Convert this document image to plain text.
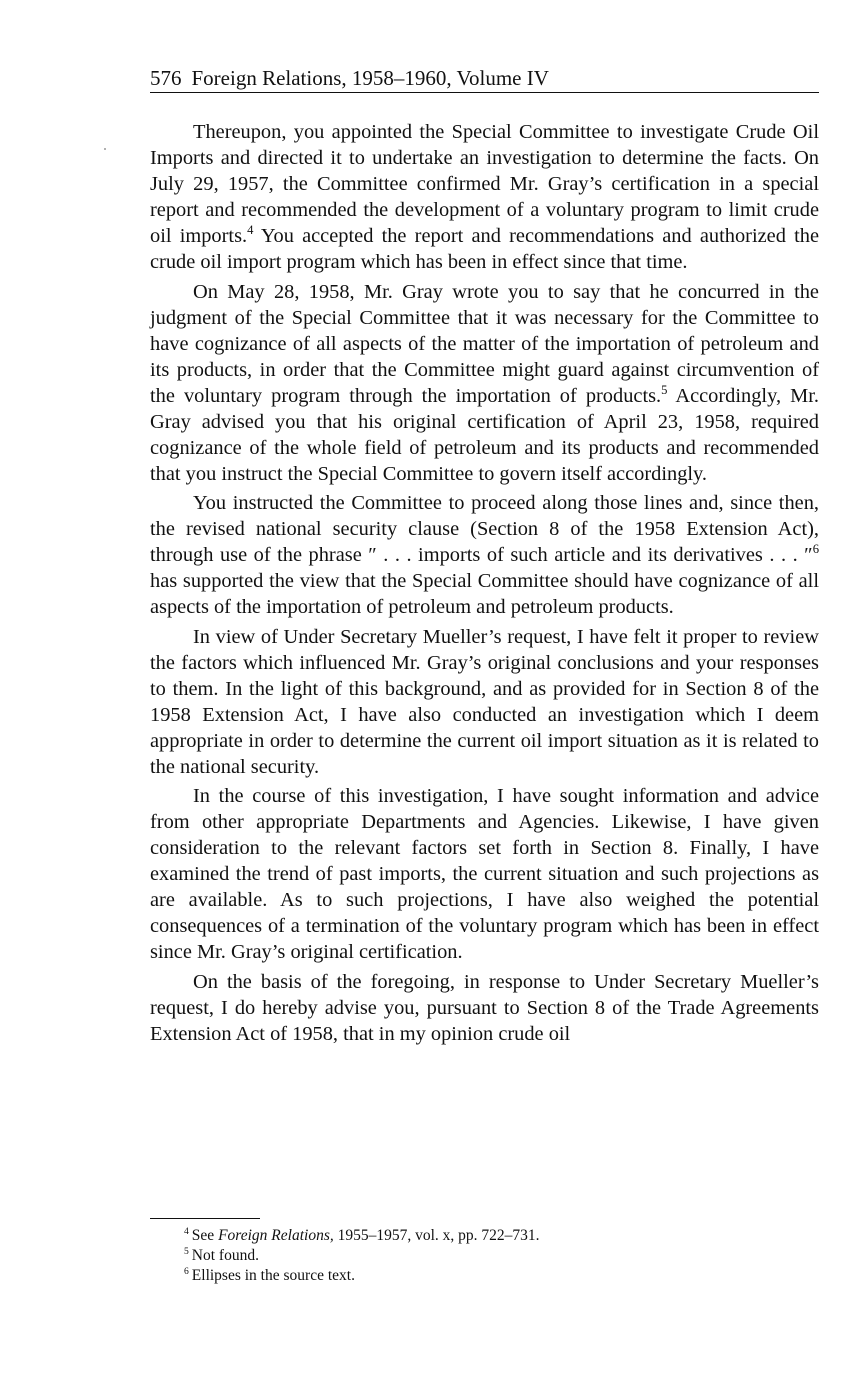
576 Foreign Relations, 1958–1960, Volume IV

Thereupon, you appointed the Special Committee to investigate Crude Oil Imports and directed it to undertake an investigation to determine the facts. On July 29, 1957, the Committee confirmed Mr. Gray’s certification in a special report and recommended the development of a voluntary program to limit crude oil imports.$^4$ You accepted the report and recommendations and authorized the crude oil import program which has been in effect since that time.

On May 28, 1958, Mr. Gray wrote you to say that he concurred in the judgment of the Special Committee that it was necessary for the Committee to have cognizance of all aspects of the matter of the importation of petroleum and its products, in order that the Committee might guard against circumvention of the voluntary program through the importation of products.$^5$ Accordingly, Mr. Gray advised you that his original certification of April 23, 1958, required cognizance of the whole field of petroleum and its products and recommended that you instruct the Special Committee to govern itself accordingly.

You instructed the Committee to proceed along those lines and, since then, the revised national security clause (Section 8 of the 1958 Extension Act), through use of the phrase ″ . . . imports of such article and its derivatives . . . ″$^6$ has supported the view that the Special Committee should have cognizance of all aspects of the importation of petroleum and petroleum products.

In view of Under Secretary Mueller’s request, I have felt it proper to review the factors which influenced Mr. Gray’s original conclusions and your responses to them. In the light of this background, and as provided for in Section 8 of the 1958 Extension Act, I have also conducted an investigation which I deem appropriate in order to determine the current oil import situation as it is related to the national security.

In the course of this investigation, I have sought information and advice from other appropriate Departments and Agencies. Likewise, I have given consideration to the relevant factors set forth in Section 8. Finally, I have examined the trend of past imports, the current situation and such projections as are available. As to such projections, I have also weighed the potential consequences of a termination of the voluntary program which has been in effect since Mr. Gray’s original certification.

On the basis of the foregoing, in response to Under Secretary Mueller’s request, I do hereby advise you, pursuant to Section 8 of the Trade Agreements Extension Act of 1958, that in my opinion crude oil

$^4$ See Foreign Relations, 1955–1957, vol. x, pp. 722–731.
$^5$ Not found.
$^6$ Ellipses in the source text.
